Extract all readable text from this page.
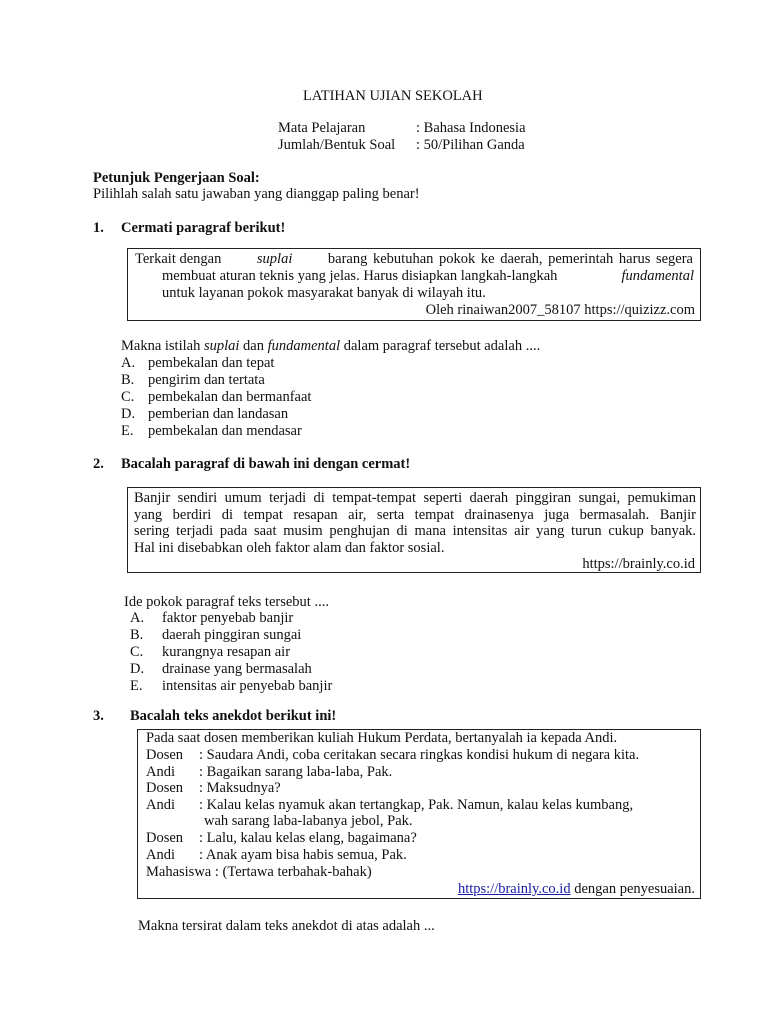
LATIHAN UJIAN SEKOLAH
Mata Pelajaran	: Bahasa Indonesia
Jumlah/Bentuk Soal : 50/Pilihan Ganda
Petunjuk Pengerjaan Soal:
Pilihlah salah satu jawaban yang dianggap paling benar!
1. Cermati paragraf berikut!
Terkait dengan suplai barang kebutuhan pokok ke daerah, pemerintah harus segera
membuat aturan teknis yang jelas. Harus disiapkan langkah-langkah	fundamental
untuk layanan pokok masyarakat banyak di wilayah itu.
Oleh rinaiwan2007_58107 https://quizizz.com
Makna istilah suplai dan fundamental dalam paragraf tersebut adalah ....
A. pembekalan dan tepat
B. pengirim dan tertata
C. pembekalan dan bermanfaat
D. pemberian dan landasan
E. pembekalan dan mendasar
2. Bacalah paragraf di bawah ini dengan cermat!
Banjir sendiri umum terjadi di tempat-tempat seperti daerah pinggiran sungai, pemukiman
yang berdiri di tempat resapan air, serta tempat drainasenya juga bermasalah. Banjir
sering terjadi pada saat musim penghujan di mana intensitas air yang turun cukup banyak.
Hal ini disebabkan oleh faktor alam dan faktor sosial.
https://brainly.co.id
Ide pokok paragraf teks tersebut ....
A. faktor penyebab banjir
B. daerah pinggiran sungai
C. kurangnya resapan air
D. drainase yang bermasalah
E. intensitas air penyebab banjir
3. Bacalah teks anekdot berikut ini!
Pada saat dosen memberikan kuliah Hukum Perdata, bertanyalah ia kepada Andi.
Dosen : Saudara Andi, coba ceritakan secara ringkas kondisi hukum di negara kita.
Andi : Bagaikan sarang laba-laba, Pak.
Dosen : Maksudnya?
Andi : Kalau kelas nyamuk akan tertangkap, Pak. Namun, kalau kelas kumbang,
wah sarang laba-labanya jebol, Pak.
Dosen : Lalu, kalau kelas elang, bagaimana?
Andi : Anak ayam bisa habis semua, Pak.
Mahasiswa : (Tertawa terbahak-bahak)
https://brainly.co.id dengan penyesuaian.
Makna tersirat dalam teks anekdot di atas adalah ...
